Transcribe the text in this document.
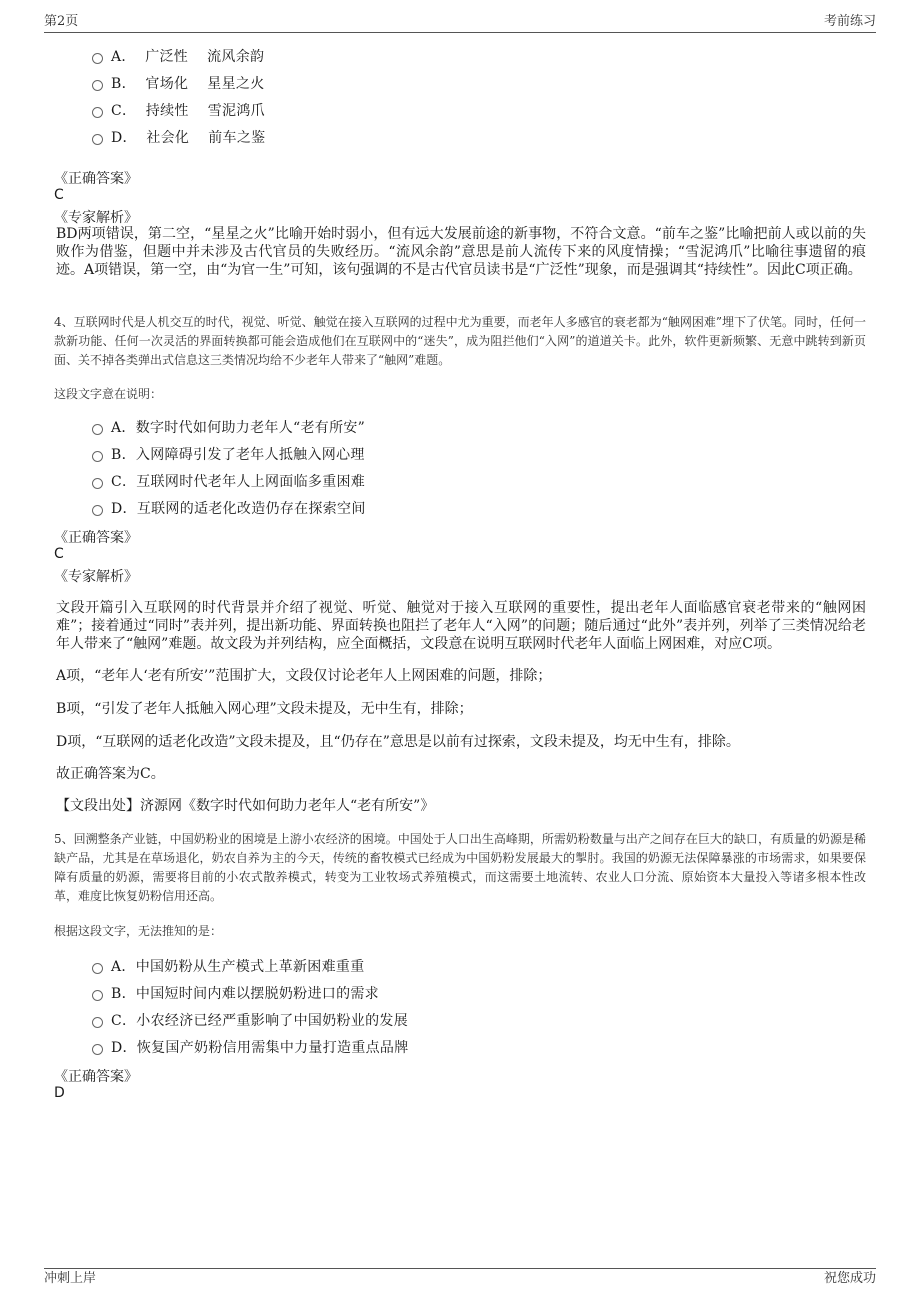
第2页	考前练习
A．  广泛性    流风余韵
B．  官场化    星星之火
C．  持续性    雪泥鸿爪
D．  社会化    前车之鉴
《正确答案》
C
《专家解析》

BD两项错误，第二空，“星星之火”比喻开始时弱小，但有远大发展前途的新事物，不符合文意。“前车之鉴”比喻把前人或以前的失败作为借鉴，但题中并未涉及古代官员的失败经历。“流风余韵”意思是前人流传下来的风度情操；“雪泥鸿爪”比喻往事遗留的痕迹。A项错误，第一空，由“为官一生”可知，该句强调的不是古代官员读书是“广泛性”现象，而是强调其“持续性”。因此C项正确。

4、互联网时代是人机交互的时代，视觉、听觉、触觉在接入互联网的过程中尤为重要，而老年人多感官的衰老都为“触网困难”埋下了伏笔。同时，任何一款新功能、任何一次灵活的界面转换都可能会造成他们在互联网中的“迷失”，成为阻拦他们“入网”的道道关卡。此外，软件更新频繁、无意中跳转到新页面、关不掉各类弹出式信息这三类情况均给不少老年人带来了“触网”难题。

这段文字意在说明：
A．数字时代如何助力老年人“老有所安”
B．入网障碍引发了老年人抵触入网心理
C．互联网时代老年人上网面临多重困难
D．互联网的适老化改造仍存在探索空间
《正确答案》
C
《专家解析》

文段开篇引入互联网的时代背景并介绍了视觉、听觉、触觉对于接入互联网的重要性，提出老年人面临感官衰老带来的“触网困难”；接着通过“同时”表并列，提出新功能、界面转换也阻拦了老年人“入网”的问题；随后通过“此外”表并列，列举了三类情况给老年人带来了“触网”难题。故文段为并列结构，应全面概括，文段意在说明互联网时代老年人面临上网困难，对应C项。

A项，“老年人‘老有所安’”范围扩大，文段仅讨论老年人上网困难的问题，排除；

B项，“引发了老年人抵触入网心理”文段未提及，无中生有，排除；

D项，“互联网的适老化改造”文段未提及，且“仍存在”意思是以前有过探索，文段未提及，均无中生有，排除。

故正确答案为C。

【文段出处】济源网《数字时代如何助力老年人“老有所安”》

5、回溯整条产业链，中国奶粉业的困境是上游小农经济的困境。中国处于人口出生高峰期，所需奶粉数量与出产之间存在巨大的缺口，有质量的奶源是稀缺产品，尤其是在草场退化，奶农自养为主的今天，传统的畜牧模式已经成为中国奶粉发展最大的掣肘。我国的奶源无法保障暴涨的市场需求，如果要保障有质量的奶源，需要将目前的小农式散养模式，转变为工业牧场式养殖模式，而这需要土地流转、农业人口分流、原始资本大量投入等诸多根本性改革，难度比恢复奶粉信用还高。

根据这段文字，无法推知的是：
A．中国奶粉从生产模式上革新困难重重
B．中国短时间内难以摆脱奶粉进口的需求
C．小农经济已经严重影响了中国奶粉业的发展
D．恢复国产奶粉信用需集中力量打造重点品牌
《正确答案》
D
冲刺上岸	祝您成功
